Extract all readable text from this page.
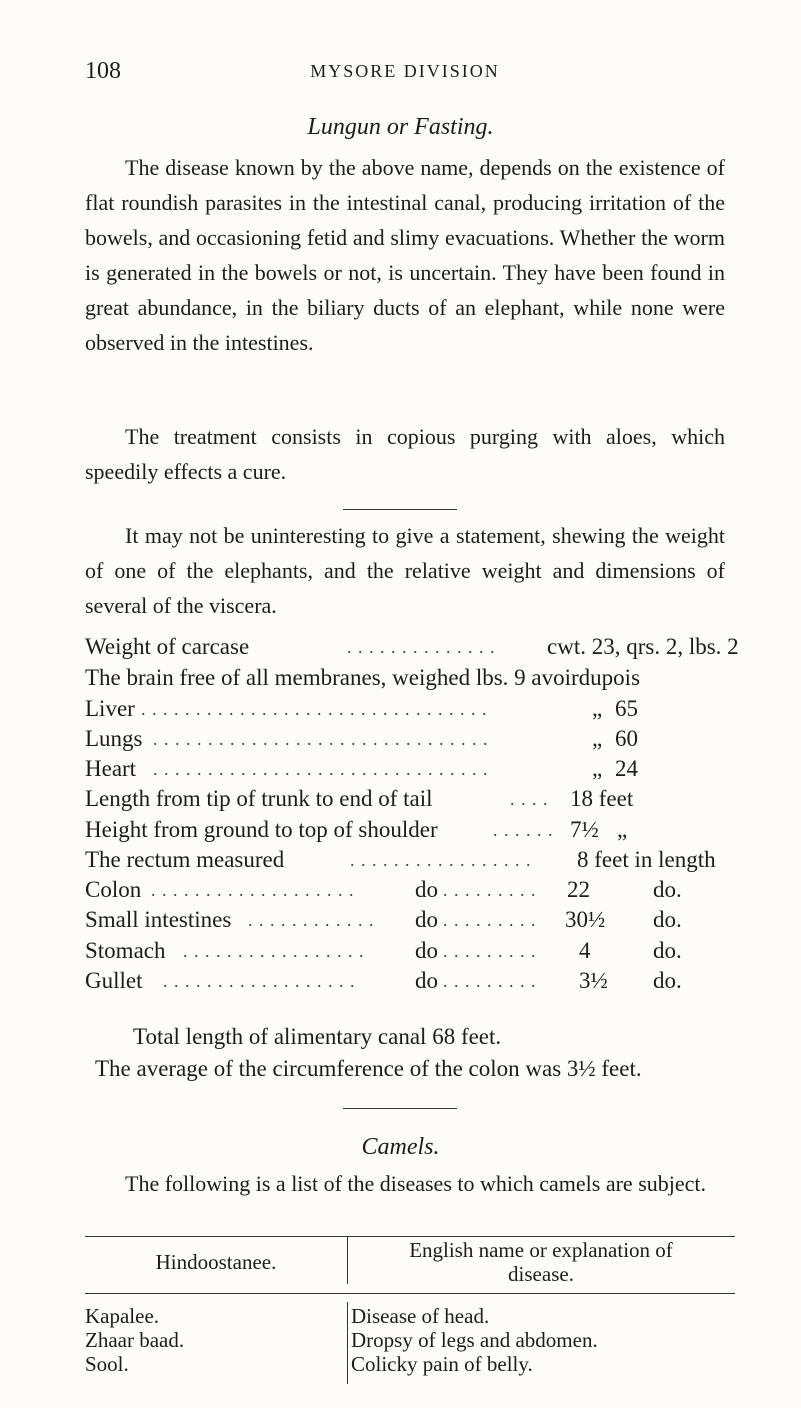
108	MYSORE DIVISION
Lungun or Fasting.
The disease known by the above name, depends on the existence of flat roundish parasites in the intestinal canal, producing irritation of the bowels, and occasioning fetid and slimy evacuations. Whether the worm is generated in the bowels or not, is uncertain. They have been found in great abundance, in the biliary ducts of an elephant, while none were observed in the intestines.
The treatment consists in copious purging with aloes, which speedily effects a cure.
It may not be uninteresting to give a statement, shewing the weight of one of the elephants, and the relative weight and dimensions of several of the viscera.
Weight of carcase	. . . . . . . . . . . . . . cwt. 23, qrs. 2, lbs. 2
The brain free of all membranes, weighed lbs. 9 avoirdupois
Liver . . . . . . . . . . . . . . . . . . . . . . . . . . . . . . . .	„ 65
Lungs . . . . . . . . . . . . . . . . . . . . . . . . . . . . . . .	„ 60
Heart . . . . . . . . . . . . . . . . . . . . . . . . . . . . . . .	„ 24
Length from tip of trunk to end of tail	. . . . 18 feet
Height from ground to top of shoulder	. . . . . . 7½ „
The rectum measured	. . . . . . . . . . . . . . . . . 8 feet in length
Colon . . . . . . . . . . . . . . . . . . .	do . . . . . . . . . 22	do.
Small intestines . . . . . . . . . . . . do . . . . . . . . . 30½ do.
Stomach . . . . . . . . . . . . . . . . . do . . . . . . . . . 4	do.
Gullet . . . . . . . . . . . . . . . . . .	do . . . . . . . . . 3½ do.
Total length of alimentary canal 68 feet.
The average of the circumference of the colon was 3½ feet.
Camels.
The following is a list of the diseases to which camels are subject.
Hindoostanee.	English name or explanation of
disease.
Kapalee.	Disease of head.
Zhaar baad.	Dropsy of legs and abdomen.
Sool.	Colicky pain of belly.
